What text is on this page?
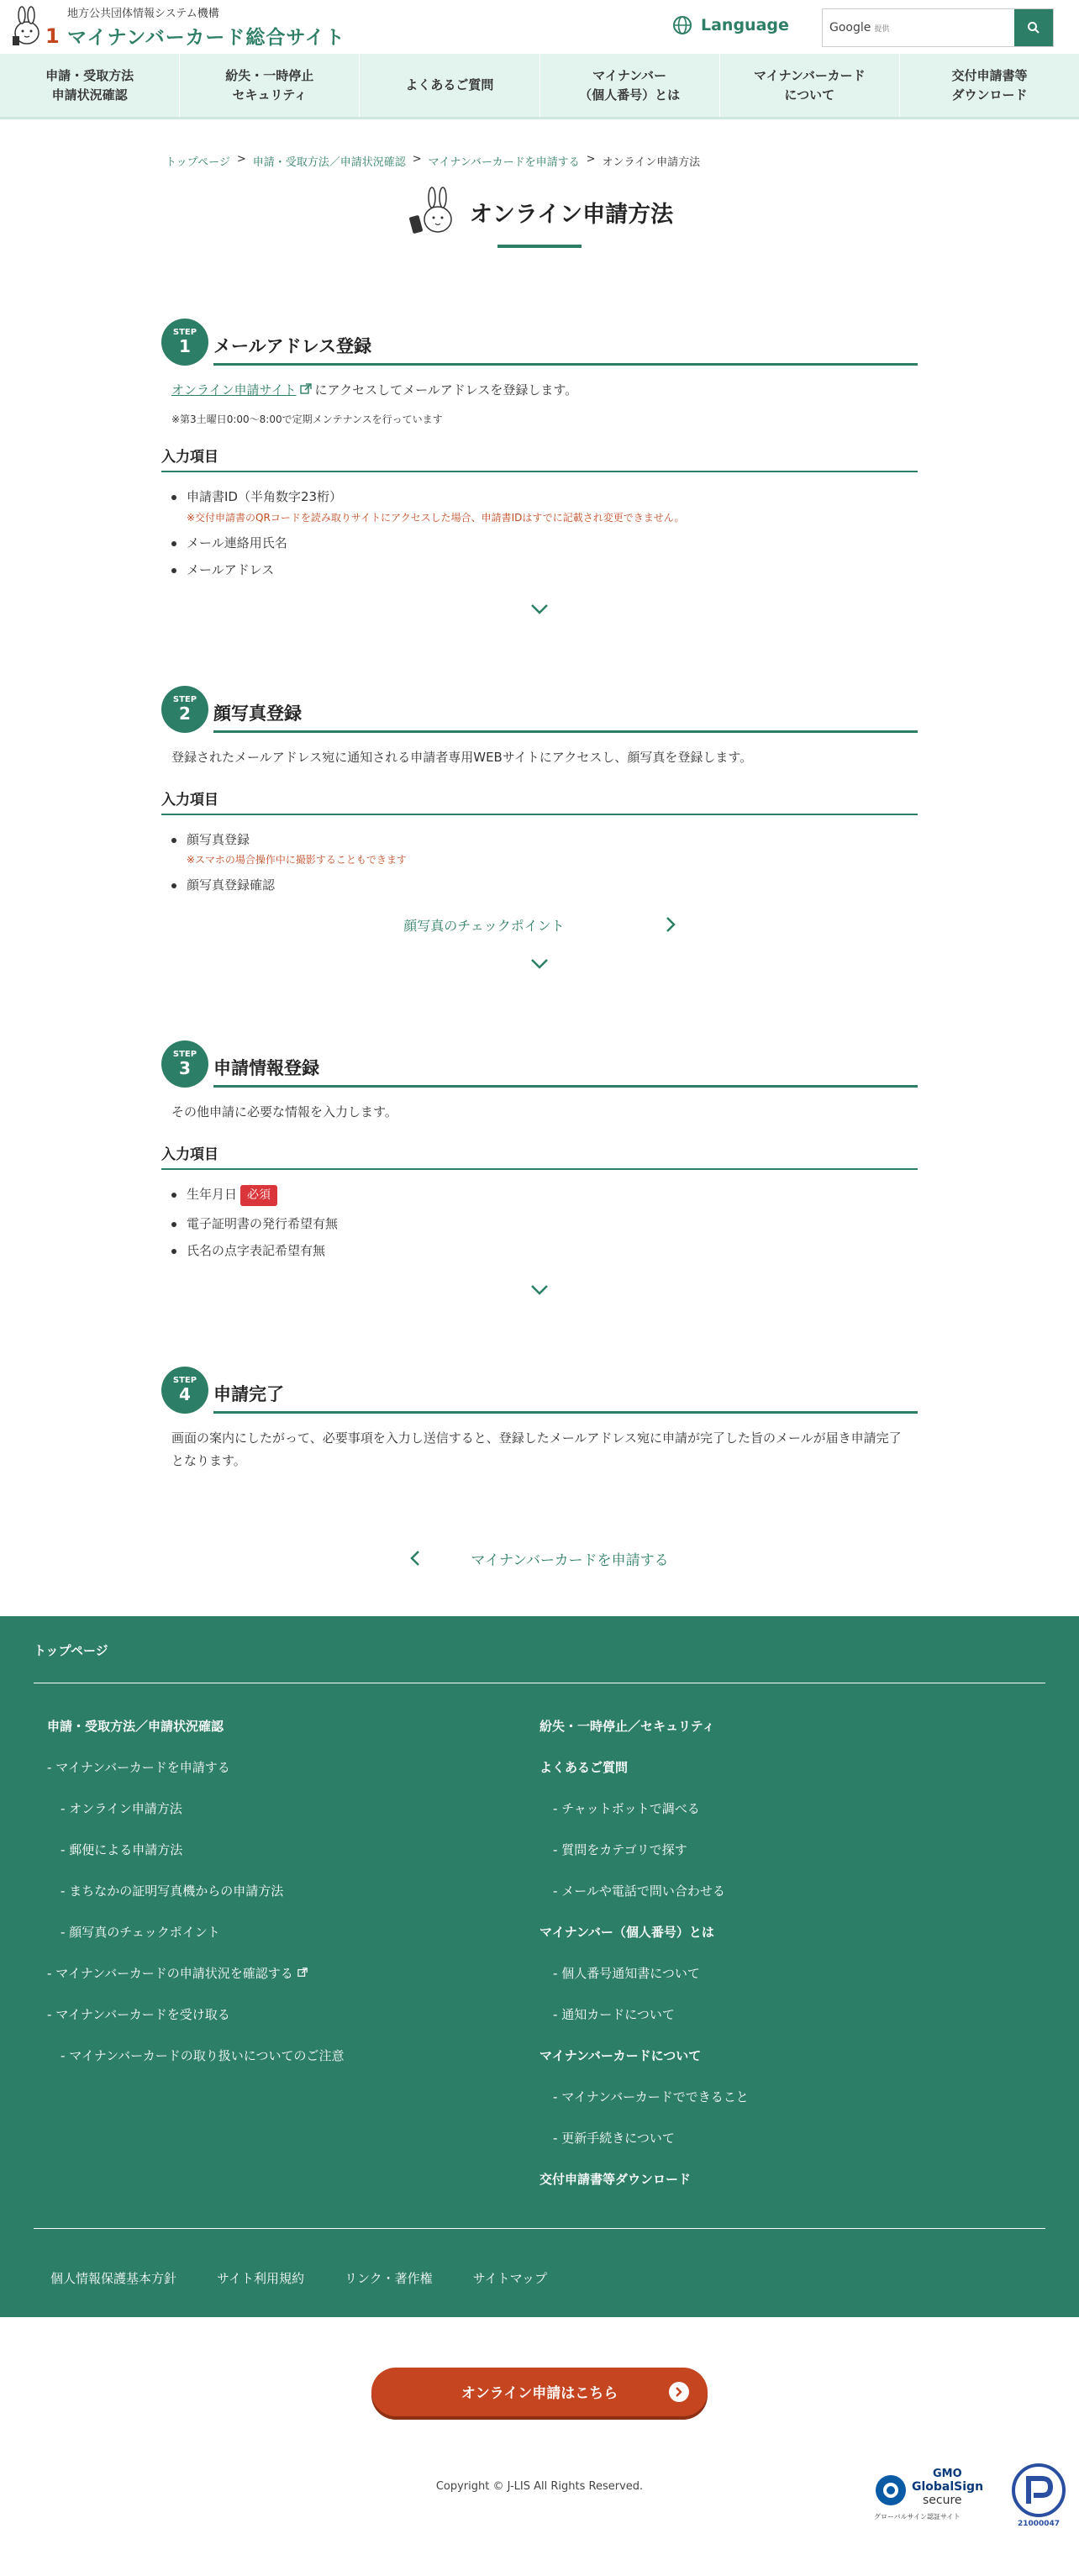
1
地方公共団体情報システム機構
マイナンバーカード総合サイト
Language	Google 提供
申請・受取方法
申請状況確認
紛失・一時停止
セキュリティ
よくあるご質問
マイナンバー
（個人番号）とは
マイナンバーカード
について
交付申請書等
ダウンロード
トップページ > 申請・受取方法／申請状況確認 > マイナンバーカードを申請する > オンライン申請方法
オンライン申請方法
STEP
1 メールアドレス登録

オンライン申請サイト にアクセスしてメールアドレスを登録します。

※第3土曜日0:00～8:00で定期メンテナンスを行っています

入力項目
申請書ID（半角数字23桁）
※交付申請書のQRコードを読み取りサイトにアクセスした場合、申請書IDはすでに記載され変更できません。
メール連絡用氏名
メールアドレス
STEP
2 顔写真登録

登録されたメールアドレス宛に通知される申請者専用WEBサイトにアクセスし、顔写真を登録します。

入力項目
顔写真登録
※スマホの場合操作中に撮影することもできます
顔写真登録確認
顔写真のチェックポイント
STEP
3 申請情報登録

その他申請に必要な情報を入力します。

入力項目
生年月日 必須
電子証明書の発行希望有無
氏名の点字表記希望有無
STEP
4 申請完了

画面の案内にしたがって、必要事項を入力し送信すると、登録したメールアドレス宛に申請が完了した旨のメールが届き申請完了となります。

マイナンバーカードを申請する
トップページ
申請・受取方法／申請状況確認
- マイナンバーカードを申請する
- オンライン申請方法
- 郵便による申請方法
- まちなかの証明写真機からの申請方法
- 顔写真のチェックポイント
- マイナンバーカードの申請状況を確認する
- マイナンバーカードを受け取る
- マイナンバーカードの取り扱いについてのご注意
紛失・一時停止／セキュリティ
よくあるご質問
- チャットボットで調べる
- 質問をカテゴリで探す
- メールや電話で問い合わせる
マイナンバー（個人番号）とは
- 個人番号通知書について
- 通知カードについて
マイナンバーカードについて
- マイナンバーカードでできること
- 更新手続きについて
交付申請書等ダウンロード
個人情報保護基本方針	サイト利用規約	リンク・著作権	サイトマップ
オンライン申請はこちら

Copyright © J-LIS All Rights Reserved.

GMO
GlobalSign
secure
グローバルサイン認証サイト
21000047
